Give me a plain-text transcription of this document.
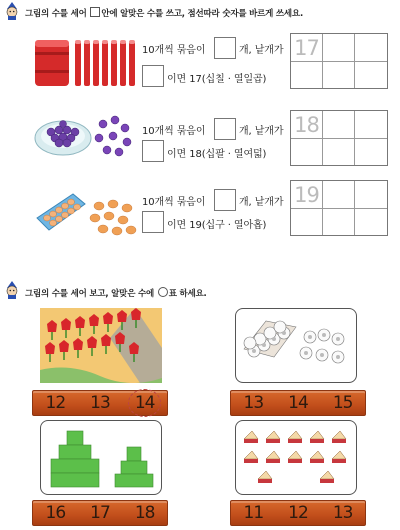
그림의 수를 세어 안에 알맞은 수를 쓰고, 점선따라 숫자를 바르게 쓰세요.
10개씩 묶음이	개, 낱개가
이면 17(십칠 · 열일곱)
17
10개씩 묶음이	개, 낱개가
이면 18(십팔 · 열여덟)
18
10개씩 묶음이	개, 낱개가
이면 19(십구 · 열아홉)
19
그림의 수를 세어 보고, 알맞은 수에 표 하세요.
12 13 14	13 14 15
16 17 18	11 12 13
